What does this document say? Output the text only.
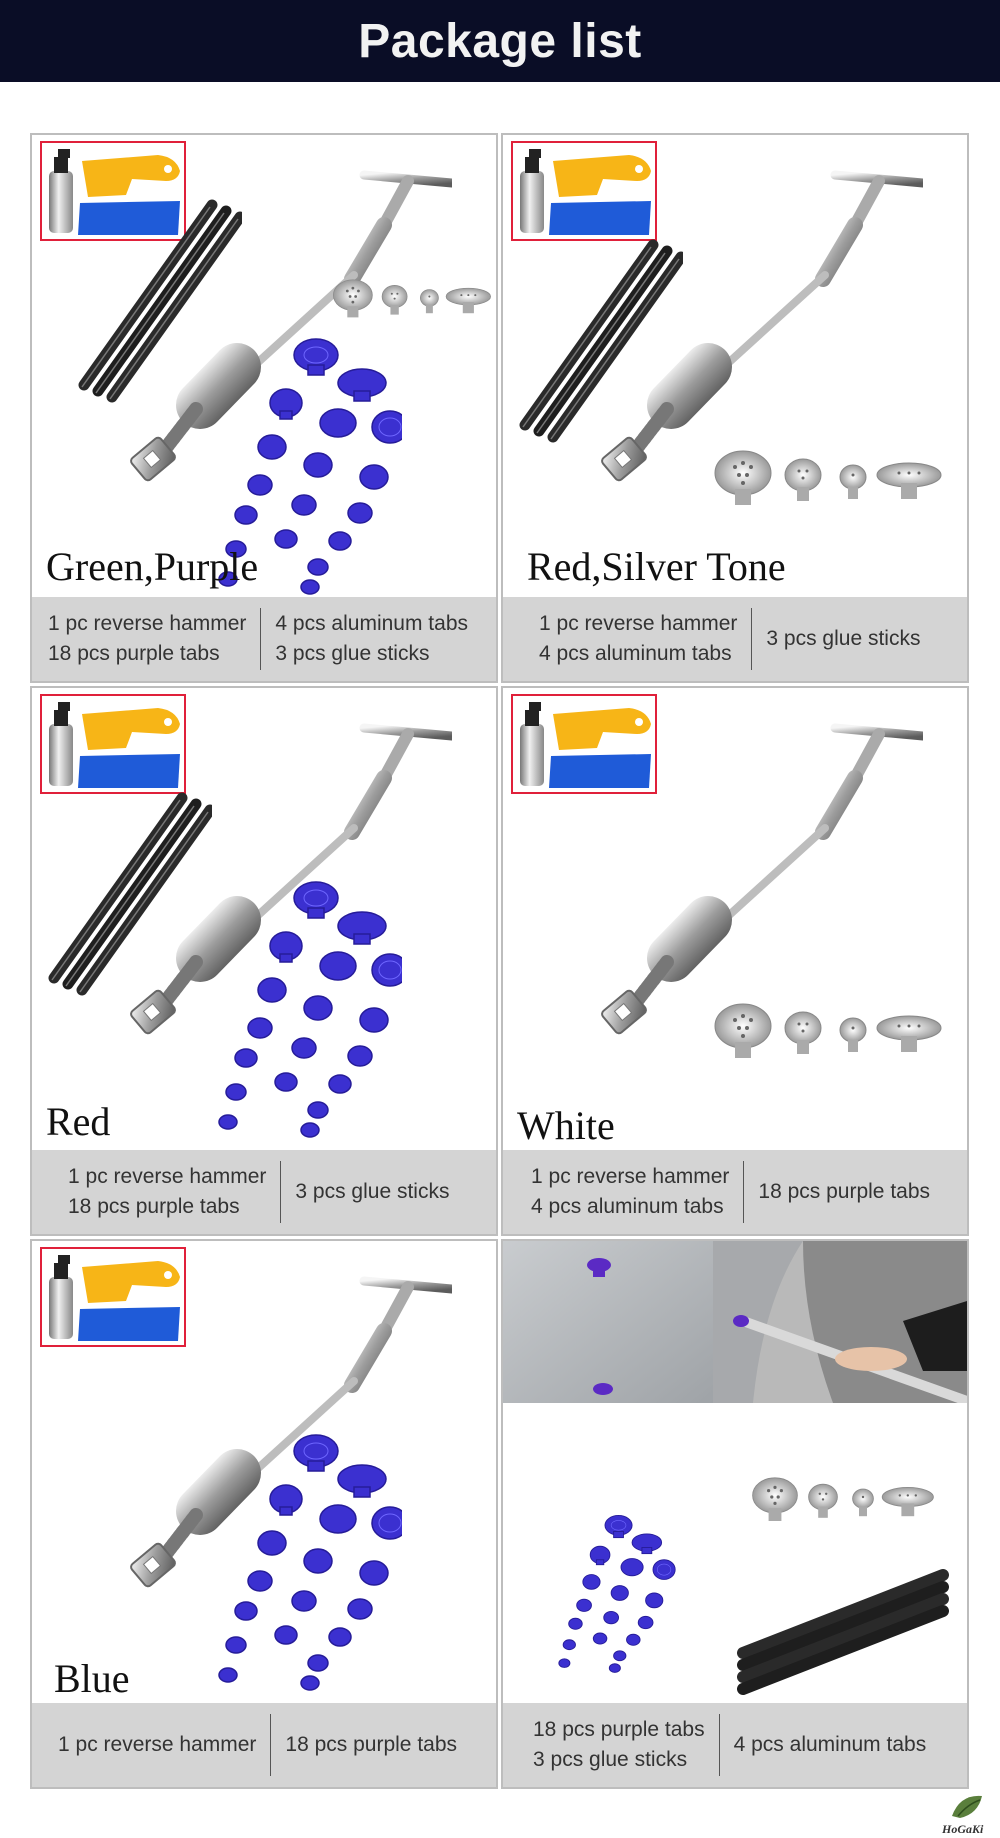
Package list
Green,Purple
1 pc reverse hammer
18 pcs purple tabs
4 pcs aluminum tabs
3 pcs glue sticks
Red,Silver Tone
1 pc reverse hammer
4 pcs aluminum tabs
3 pcs glue sticks
Red
1 pc reverse hammer
18 pcs purple tabs
3 pcs glue sticks
White
1 pc reverse hammer
4 pcs aluminum tabs
18 pcs purple tabs
Blue
1 pc reverse hammer 18 pcs purple tabs
18 pcs purple tabs
3 pcs glue sticks
4 pcs aluminum tabs
HoGaKi
